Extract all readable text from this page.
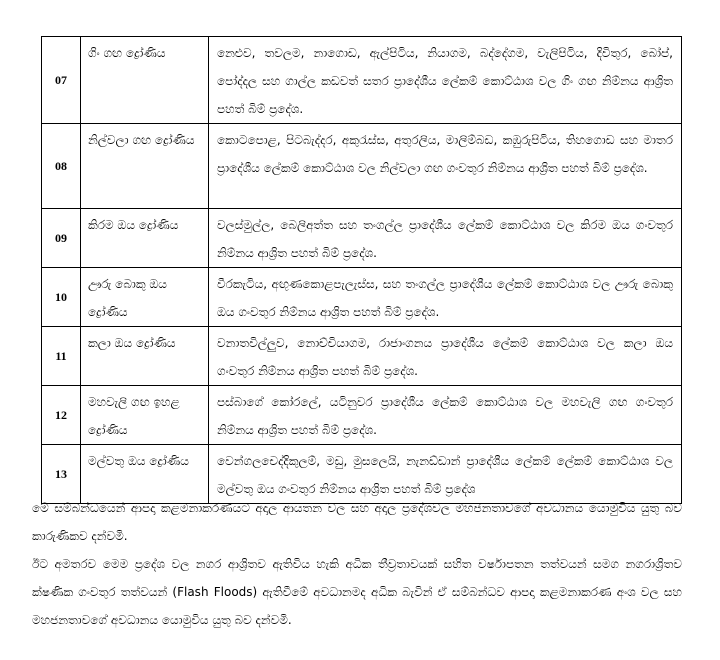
07	ගිං ගඟ ද්‍රෝණිය	නෙළුව, තවලම, නාගොඩ, ඇල්පිටිය, නියාගම, බද්දේගම, වැලිපිටිය, දිවිතුර, බෝප්, පෝද්දල සහ ගාල්ල කඩවත් සතර ප්‍රාදේශීය ලේකම් කොට්ඨාශ වල ගිං ගඟ නිම්නය ආශ්‍රිත පහත් බිම් ප්‍රදේශ.
08	නිල්වලා ගඟ ද්‍රෝණිය	කොටපොළ, පිටබැද්දර, අකුරැස්ස, අතුරලිය, මාලිම්බඩ, කඹුරුපිටිය, තිහගොඩ සහ මාතර ප්‍රාදේශීය ලේකම් කොට්ඨාශ වල නිල්වලා ගඟ ගංවතුර නිම්නය ආශ්‍රිත පහත් බිම් ප්‍රදේශ.
09	කිරම ඔය ද්‍රෝණිය	වලස්මුල්ල, බෙලිඅත්ත සහ තංගල්ල ප්‍රාදේශීය ලේකම් කොට්ඨාශ වල කිරම ඔය ගංවතුර නිම්නය ආශ්‍රිත පහත් බිම් ප්‍රදේශ.
10	ඌරු බොකු ඔය ද්‍රෝණිය	වීරකැටිය, අඟුණකොළපැලැස්ස, සහ තංගල්ල ප්‍රාදේශීය ලේකම් කොට්ඨාශ වල ඌරු බොකු ඔය ගංවතුර නිම්නය ආශ්‍රිත පහත් බිම් ප්‍රදේශ.
11	කලා ඔය ද්‍රෝණිය	වනාතවිල්ලුව, නොච්චියාගම, රාජාංගනය ප්‍රාදේශීය ලේකම් කොට්ඨාශ වල කලා ඔය ගංවතුර නිම්නය ආශ්‍රිත පහත් බිම් ප්‍රදේශ.
12	මහවැලි ගඟ ඉහළ ද්‍රෝණිය	පස්බාගේ කෝරලේ, යටිනුවර ප්‍රාදේශීය ලේකම් කොට්ඨාශ වල මහවැලි ගඟ ගංවතුර නිම්නය ආශ්‍රිත පහත් බිම් ප්‍රදේශ.
13	මල්වතු ඔය ද්‍රෝණිය	වෙන්ගලචෙද්දිකුලම්, මඩු, මුසලෙයි, නැනඩ්ඩාන් ප්‍රාදේශීය ලේකම් ලේකම් කොට්ඨාශ වල මල්වතු ඔය ගංවතුර නිම්නය ආශ්‍රිත පහත් බිම් ප්‍රදේශ

මේ සම්බන්ධයෙන් ආපදා කළමනාකරණයට අදාල ආයතන වල සහ අදාල ප්‍රදේශවල මහජනතාවගේ අවධානය යොමුවිය යුතු බව කාරුණිකව දන්වමි.

ඊට අමතරව මෙම ප්‍රදේශ වල නගර ආශ්‍රිතව ඇතිවිය හැකි අධික තීව්‍රතාවයක් සහිත වර්ෂාපතන තත්වයන් සමග නගරාශ්‍රිතව ක්ෂණික ගංවතුර තත්වයන් (Flash Floods) ඇතිවීමේ අවධානමද අධික බැවින් ඒ සම්බන්ධව ආපදා කළමනාකරණ අංශ වල සහ මහජනතාවගේ අවධානය යොමුවිය යුතු බව දන්වමි.
